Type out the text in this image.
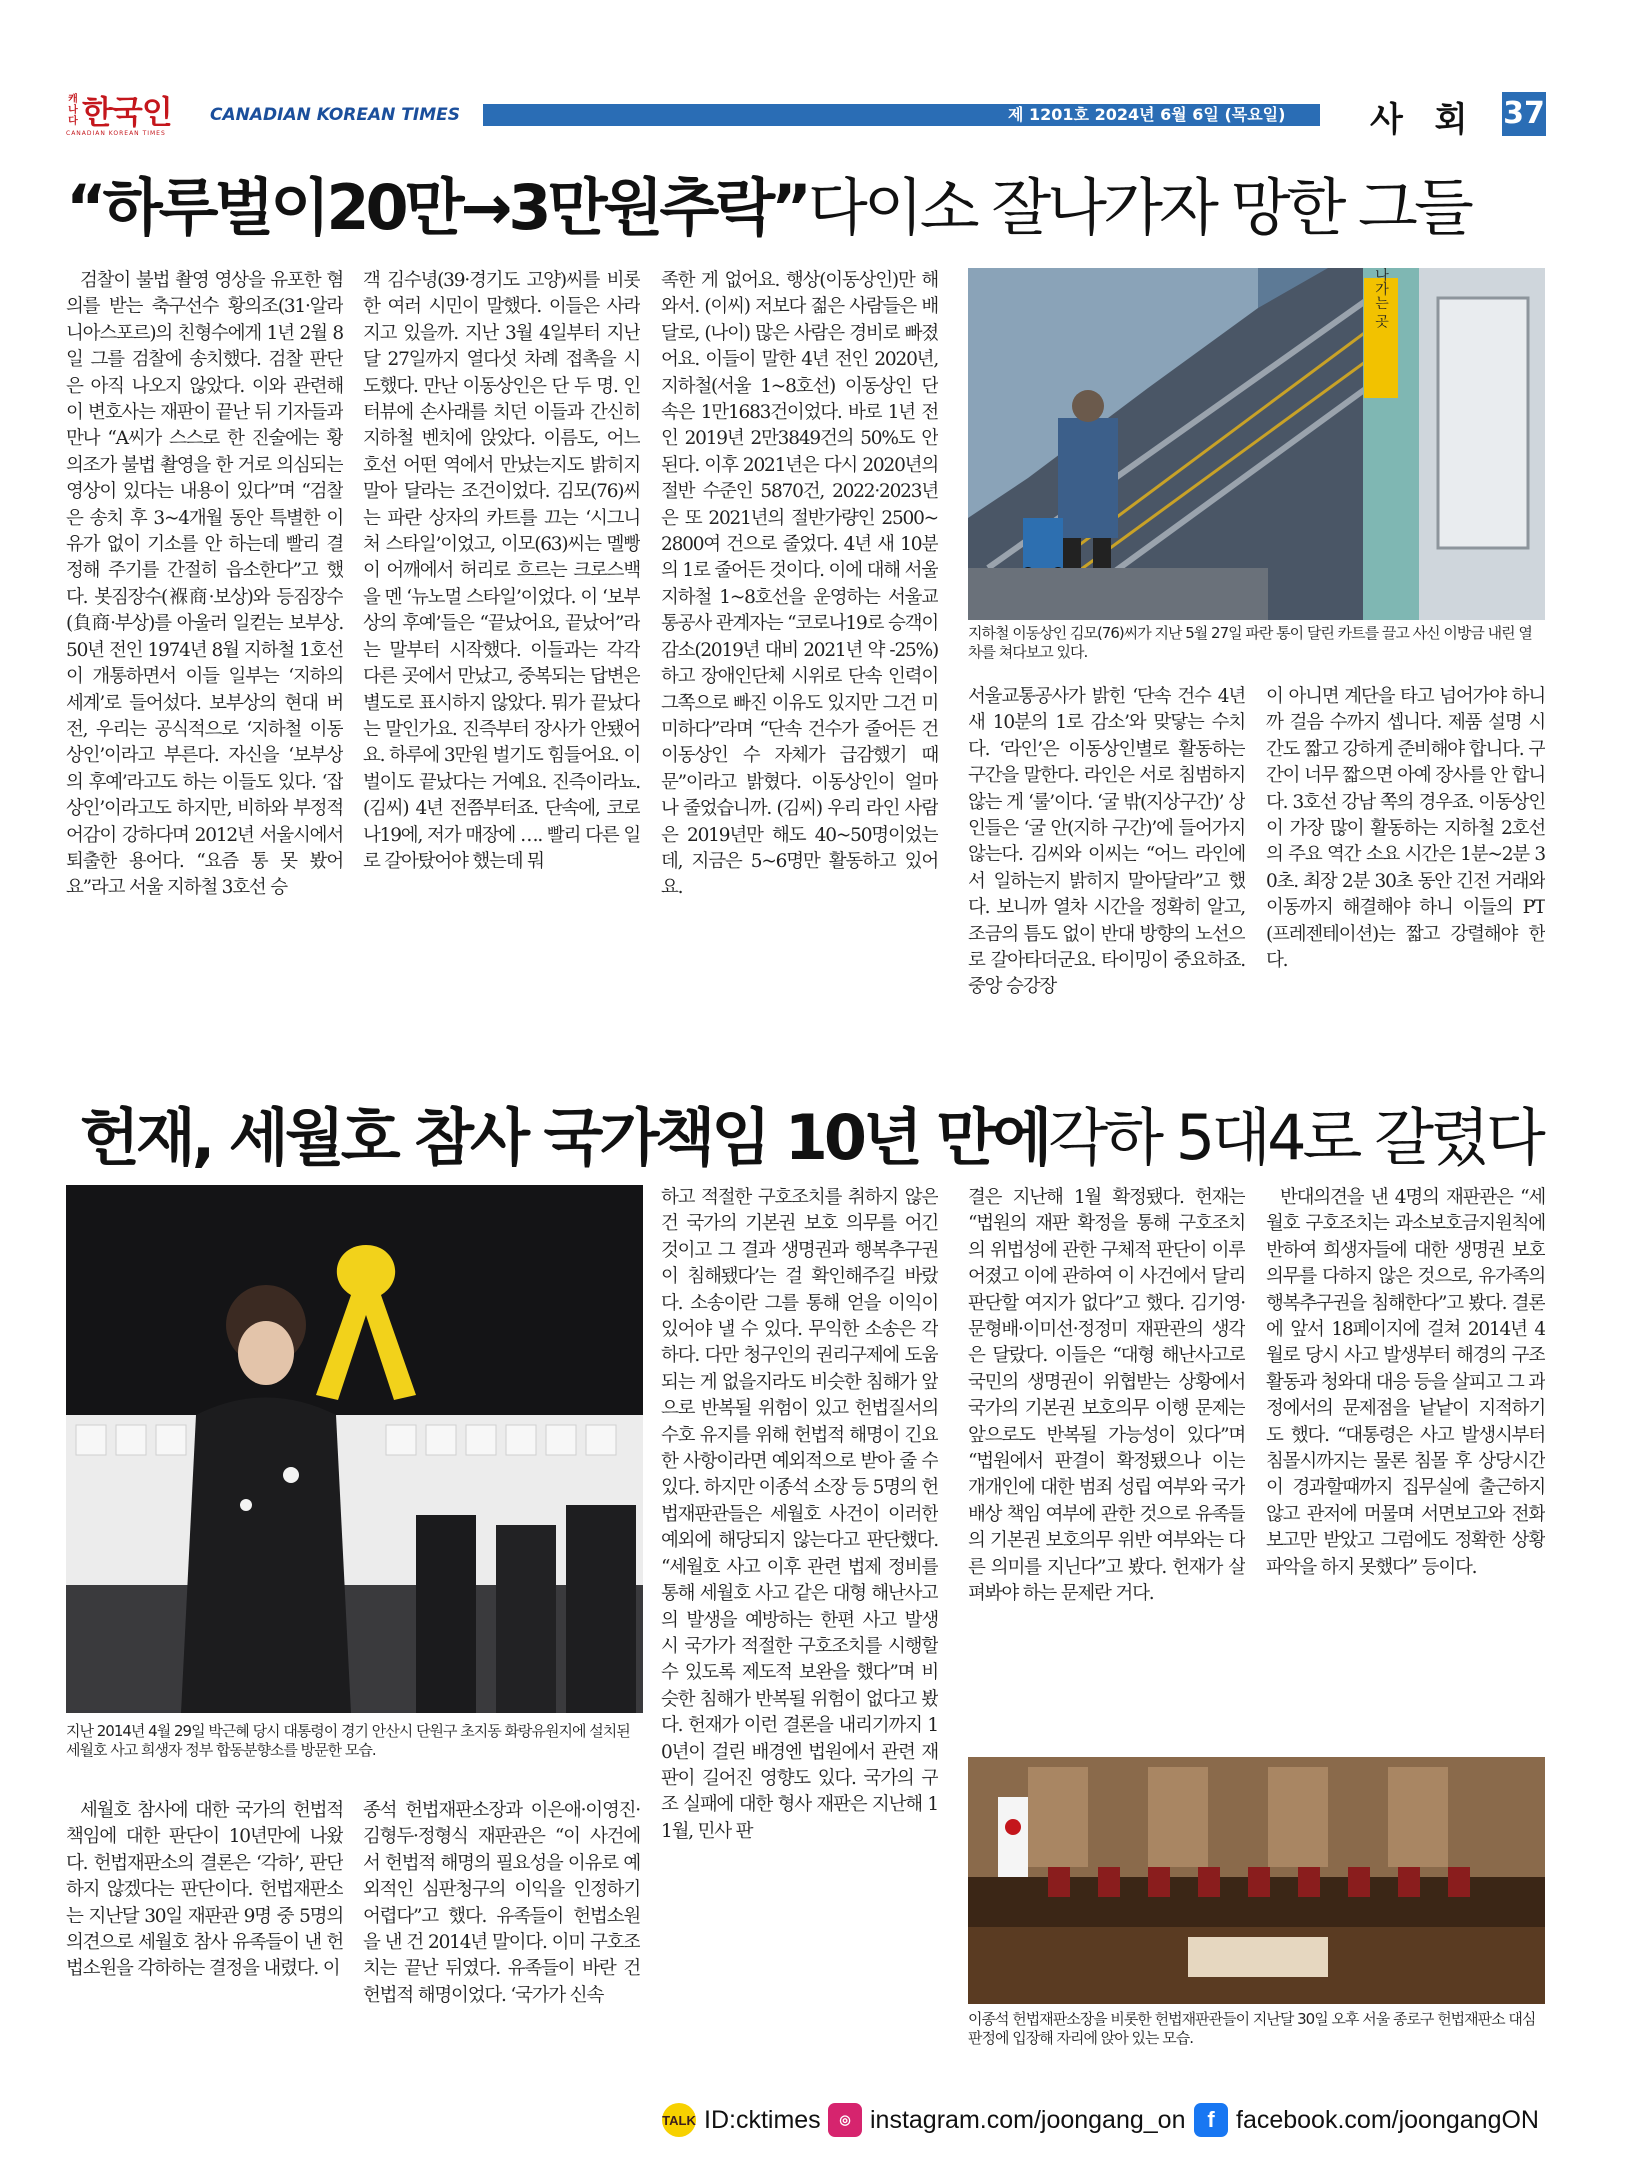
캐나다 한국인
CANADIAN KOREAN TIMES
CANADIAN KOREAN TIMES	제 1201호 2024년 6월 6일 (목요일) 사 회 37
“하루벌이20만→3만원추락”다이소 잘나가자 망한 그들

검찰이 불법 촬영 영상을 유포한 혐의를 받는 축구선수 황의조(31·알라니아스포르)의 친형수에게 1년 2월 8일 그를 검찰에 송치했다. 검찰 판단은 아직 나오지 않았다. 이와 관련해 이 변호사는 재판이 끝난 뒤 기자들과 만나 “A씨가 스스로 한 진술에는 황의조가 불법 촬영을 한 거로 의심되는 영상이 있다는 내용이 있다”며 “검찰은 송치 후 3~4개월 동안 특별한 이유가 없이 기소를 안 하는데 빨리 결정해 주기를 간절히 읍소한다”고 했다. 봇짐장수(褓商·보상)와 등짐장수(負商·부상)를 아울러 일컫는 보부상. 50년 전인 1974년 8월 지하철 1호선이 개통하면서 이들 일부는 ‘지하의 세계’로 들어섰다. 보부상의 현대 버전, 우리는 공식적으로 ‘지하철 이동상인’이라고 부른다. 자신을 ‘보부상의 후예’라고도 하는 이들도 있다. ‘잡상인’이라고도 하지만, 비하와 부정적 어감이 강하다며 2012년 서울시에서 퇴출한 용어다. “요즘 통 못 봤어요”라고 서울 지하철 3호선 승

객 김수녕(39·경기도 고양)씨를 비롯한 여러 시민이 말했다. 이들은 사라지고 있을까. 지난 3월 4일부터 지난달 27일까지 열다섯 차례 접촉을 시도했다. 만난 이동상인은 단 두 명. 인터뷰에 손사래를 치던 이들과 간신히 지하철 벤치에 앉았다. 이름도, 어느 호선 어떤 역에서 만났는지도 밝히지 말아 달라는 조건이었다. 김모(76)씨는 파란 상자의 카트를 끄는 ‘시그니처 스타일’이었고, 이모(63)씨는 멜빵이 어깨에서 허리로 흐르는 크로스백을 멘 ‘뉴노멀 스타일’이었다. 이 ‘보부상의 후예’들은 “끝났어요, 끝났어”라는 말부터 시작했다. 이들과는 각각 다른 곳에서 만났고, 중복되는 답변은 별도로 표시하지 않았다. 뭐가 끝났다는 말인가요. 진즉부터 장사가 안됐어요. 하루에 3만원 벌기도 힘들어요. 이 벌이도 끝났다는 거예요. 진즉이라뇨. (김씨) 4년 전쯤부터죠. 단속에, 코로나19에, 저가 매장에 …. 빨리 다른 일로 갈아탔어야 했는데 뭐

족한 게 없어요. 행상(이동상인)만 해 와서. (이씨) 저보다 젊은 사람들은 배달로, (나이) 많은 사람은 경비로 빠졌어요. 이들이 말한 4년 전인 2020년, 지하철(서울 1~8호선) 이동상인 단속은 1만1683건이었다. 바로 1년 전인 2019년 2만3849건의 50%도 안 된다. 이후 2021년은 다시 2020년의 절반 수준인 5870건, 2022·2023년은 또 2021년의 절반가량인 2500~2800여 건으로 줄었다. 4년 새 10분의 1로 줄어든 것이다. 이에 대해 서울 지하철 1~8호선을 운영하는 서울교통공사 관계자는 “코로나19로 승객이 감소(2019년 대비 2021년 약 -25%)하고 장애인단체 시위로 단속 인력이 그쪽으로 빠진 이유도 있지만 그건 미미하다”라며 “단속 건수가 줄어든 건 이동상인 수 자체가 급감했기 때문”이라고 밝혔다. 이동상인이 얼마나 줄었습니까. (김씨) 우리 라인 사람은 2019년만 해도 40~50명이었는데, 지금은 5~6명만 활동하고 있어요.

나가는 곳
지하철 이동상인 김모(76)씨가 지난 5월 27일 파란 통이 달린 카트를 끌고 사신 이방금 내린 열차를 쳐다보고 있다.

서울교통공사가 밝힌 ‘단속 건수 4년 새 10분의 1로 감소’와 맞닿는 수치다. ‘라인’은 이동상인별로 활동하는 구간을 말한다. 라인은 서로 침범하지 않는 게 ‘룰’이다. ‘굴 밖(지상구간)’ 상인들은 ‘굴 안(지하 구간)’에 들어가지 않는다. 김씨와 이씨는 “어느 라인에서 일하는지 밝히지 말아달라”고 했다. 보니까 열차 시간을 정확히 알고, 조금의 틈도 없이 반대 방향의 노선으로 갈아타더군요. 타이밍이 중요하죠. 중앙 승강장

이 아니면 계단을 타고 넘어가야 하니까 걸음 수까지 셉니다. 제품 설명 시간도 짧고 강하게 준비해야 합니다. 구간이 너무 짧으면 아예 장사를 안 합니다. 3호선 강남 쪽의 경우죠. 이동상인이 가장 많이 활동하는 지하철 2호선의 주요 역간 소요 시간은 1분~2분 30초. 최장 2분 30초 동안 긴전 거래와 이동까지 해결해야 하니 이들의 PT(프레젠테이션)는 짧고 강렬해야 한다.

헌재, 세월호 참사 국가책임 10년 만에각하 5대4로 갈렸다
지난 2014년 4월 29일 박근혜 당시 대통령이 경기 안산시 단원구 초지동 화랑유원지에 설치된 세월호 사고 희생자 정부 합동분향소를 방문한 모습.

세월호 참사에 대한 국가의 헌법적 책임에 대한 판단이 10년만에 나왔다. 헌법재판소의 결론은 ‘각하’, 판단하지 않겠다는 판단이다. 헌법재판소는 지난달 30일 재판관 9명 중 5명의 의견으로 세월호 참사 유족들이 낸 헌법소원을 각하하는 결정을 내렸다. 이

종석 헌법재판소장과 이은애·이영진·김형두·정형식 재판관은 “이 사건에서 헌법적 해명의 필요성을 이유로 예외적인 심판청구의 이익을 인정하기 어렵다”고 했다. 유족들이 헌법소원을 낸 건 2014년 말이다. 이미 구호조치는 끝난 뒤였다. 유족들이 바란 건 헌법적 해명이었다. ‘국가가 신속

하고 적절한 구호조치를 취하지 않은 건 국가의 기본권 보호 의무를 어긴 것이고 그 결과 생명권과 행복추구권이 침해됐다’는 걸 확인해주길 바랐다. 소송이란 그를 통해 얻을 이익이 있어야 낼 수 있다. 무익한 소송은 각하다. 다만 청구인의 권리구제에 도움되는 게 없을지라도 비슷한 침해가 앞으로 반복될 위험이 있고 헌법질서의 수호 유지를 위해 헌법적 해명이 긴요한 사항이라면 예외적으로 받아 줄 수 있다. 하지만 이종석 소장 등 5명의 헌법재판관들은 세월호 사건이 이러한 예외에 해당되지 않는다고 판단했다. “세월호 사고 이후 관련 법제 정비를 통해 세월호 사고 같은 대형 해난사고의 발생을 예방하는 한편 사고 발생 시 국가가 적절한 구호조치를 시행할 수 있도록 제도적 보완을 했다”며 비슷한 침해가 반복될 위험이 없다고 봤다. 헌재가 이런 결론을 내리기까지 10년이 걸린 배경엔 법원에서 관련 재판이 길어진 영향도 있다. 국가의 구조 실패에 대한 형사 재판은 지난해 11월, 민사 판

결은 지난해 1월 확정됐다. 헌재는 “법원의 재판 확정을 통해 구호조치의 위법성에 관한 구체적 판단이 이루어졌고 이에 관하여 이 사건에서 달리 판단할 여지가 없다”고 했다. 김기영·문형배·이미선·정정미 재판관의 생각은 달랐다. 이들은 “대형 해난사고로 국민의 생명권이 위협받는 상황에서 국가의 기본권 보호의무 이행 문제는 앞으로도 반복될 가능성이 있다”며 “법원에서 판결이 확정됐으나 이는 개개인에 대한 범죄 성립 여부와 국가 배상 책임 여부에 관한 것으로 유족들의 기본권 보호의무 위반 여부와는 다른 의미를 지닌다”고 봤다. 헌재가 살펴봐야 하는 문제란 거다.

반대의견을 낸 4명의 재판관은 “세월호 구호조치는 과소보호금지원칙에 반하여 희생자들에 대한 생명권 보호의무를 다하지 않은 것으로, 유가족의 행복추구권을 침해한다”고 봤다. 결론에 앞서 18페이지에 걸쳐 2014년 4월로 당시 사고 발생부터 해경의 구조 활동과 청와대 대응 등을 살피고 그 과정에서의 문제점을 낱낱이 지적하기도 했다. “대통령은 사고 발생시부터 침몰시까지는 물론 침몰 후 상당시간이 경과할때까지 집무실에 출근하지 않고 관저에 머물며 서면보고와 전화보고만 받았고 그럼에도 정확한 상황파악을 하지 못했다” 등이다.

이종석 헌법재판소장을 비롯한 헌법재판관들이 지난달 30일 오후 서울 종로구 헌법재판소 대심판정에 입장해 자리에 앉아 있는 모습.
TALK ID:cktimes	◎ instagram.com/joongang_on f facebook.com/joongangON
